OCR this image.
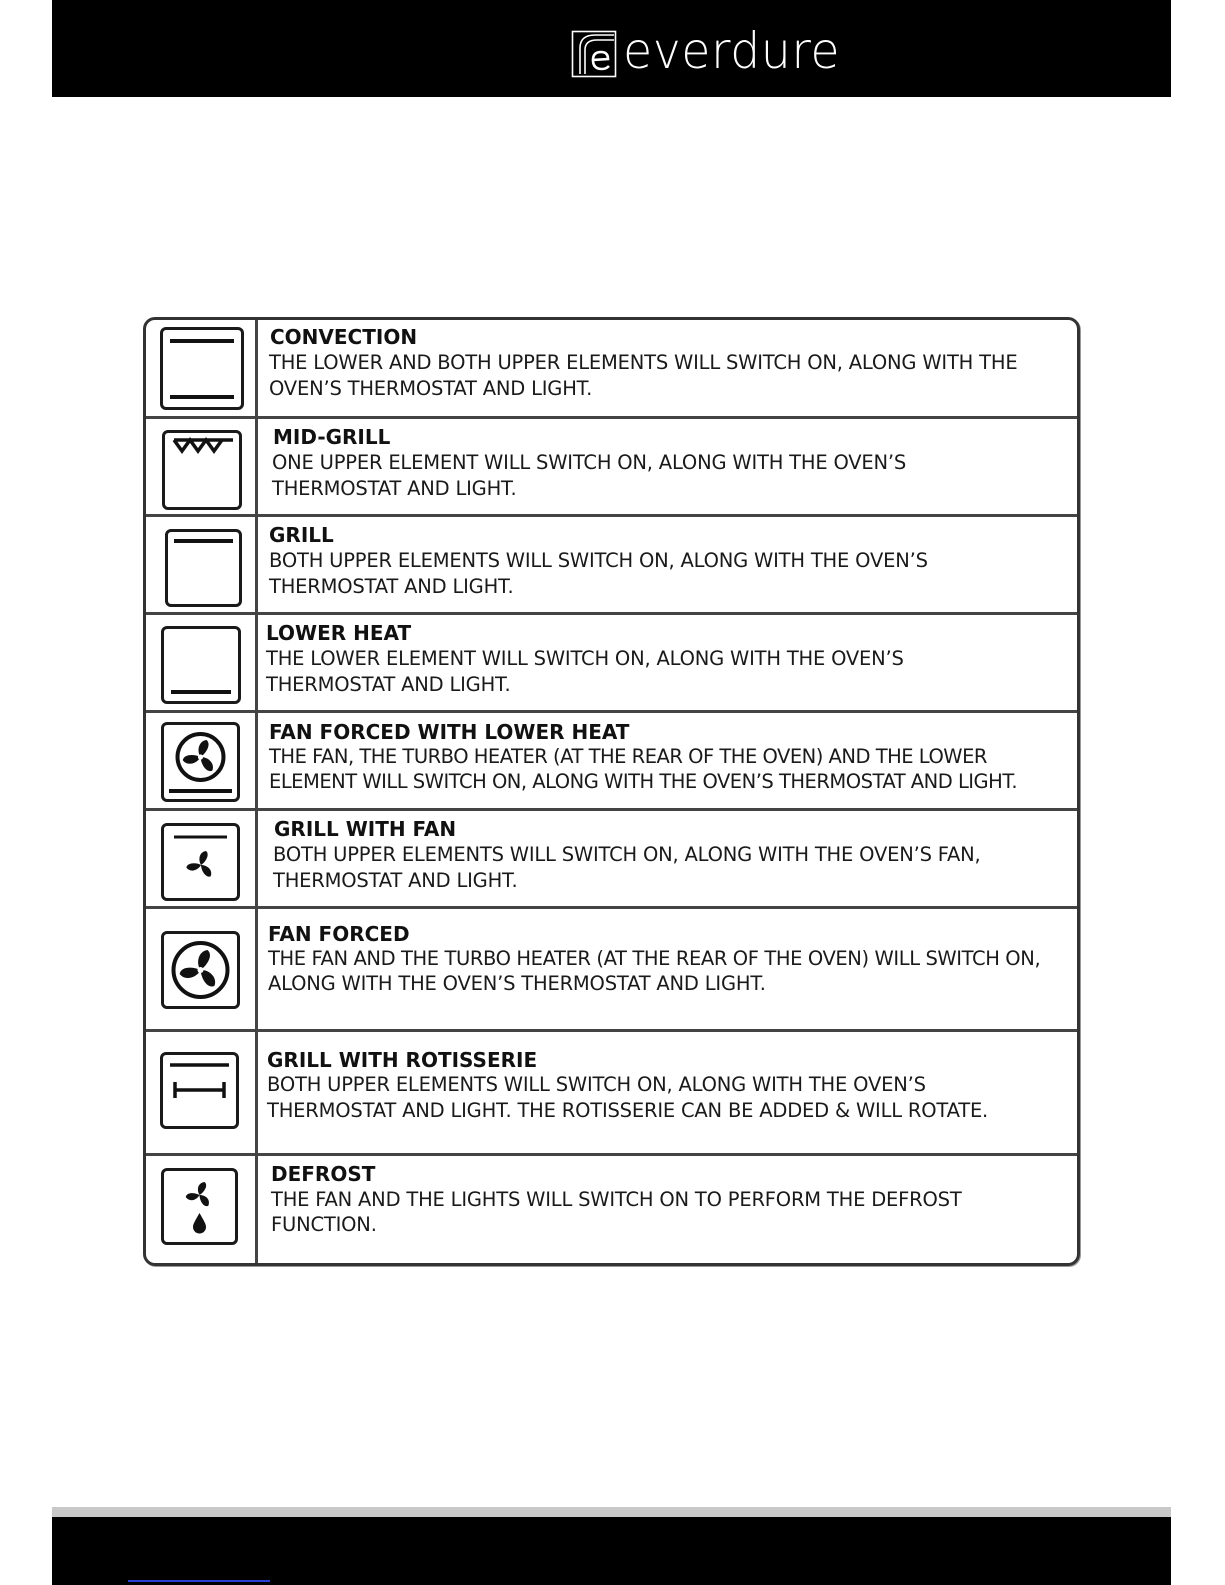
everdure
CONVECTION
THE LOWER AND BOTH UPPER ELEMENTS WILL SWITCH ON, ALONG WITH THE
OVEN’S THERMOSTAT AND LIGHT.
MID-GRILL
ONE UPPER ELEMENT WILL SWITCH ON, ALONG WITH THE OVEN’S
THERMOSTAT AND LIGHT.
GRILL
BOTH UPPER ELEMENTS WILL SWITCH ON, ALONG WITH THE OVEN’S
THERMOSTAT AND LIGHT.
LOWER HEAT
THE LOWER ELEMENT WILL SWITCH ON, ALONG WITH THE OVEN’S
THERMOSTAT AND LIGHT.
FAN FORCED WITH LOWER HEAT
THE FAN, THE TURBO HEATER (AT THE REAR OF THE OVEN) AND THE LOWER
ELEMENT WILL SWITCH ON, ALONG WITH THE OVEN’S THERMOSTAT AND LIGHT.
GRILL WITH FAN
BOTH UPPER ELEMENTS WILL SWITCH ON, ALONG WITH THE OVEN’S FAN,
THERMOSTAT AND LIGHT.
FAN FORCED
THE FAN AND THE TURBO HEATER (AT THE REAR OF THE OVEN) WILL SWITCH ON,
ALONG WITH THE OVEN’S THERMOSTAT AND LIGHT.
GRILL WITH ROTISSERIE
BOTH UPPER ELEMENTS WILL SWITCH ON, ALONG WITH THE OVEN’S
THERMOSTAT AND LIGHT. THE ROTISSERIE CAN BE ADDED & WILL ROTATE.
DEFROST
THE FAN AND THE LIGHTS WILL SWITCH ON TO PERFORM THE DEFROST
FUNCTION.
